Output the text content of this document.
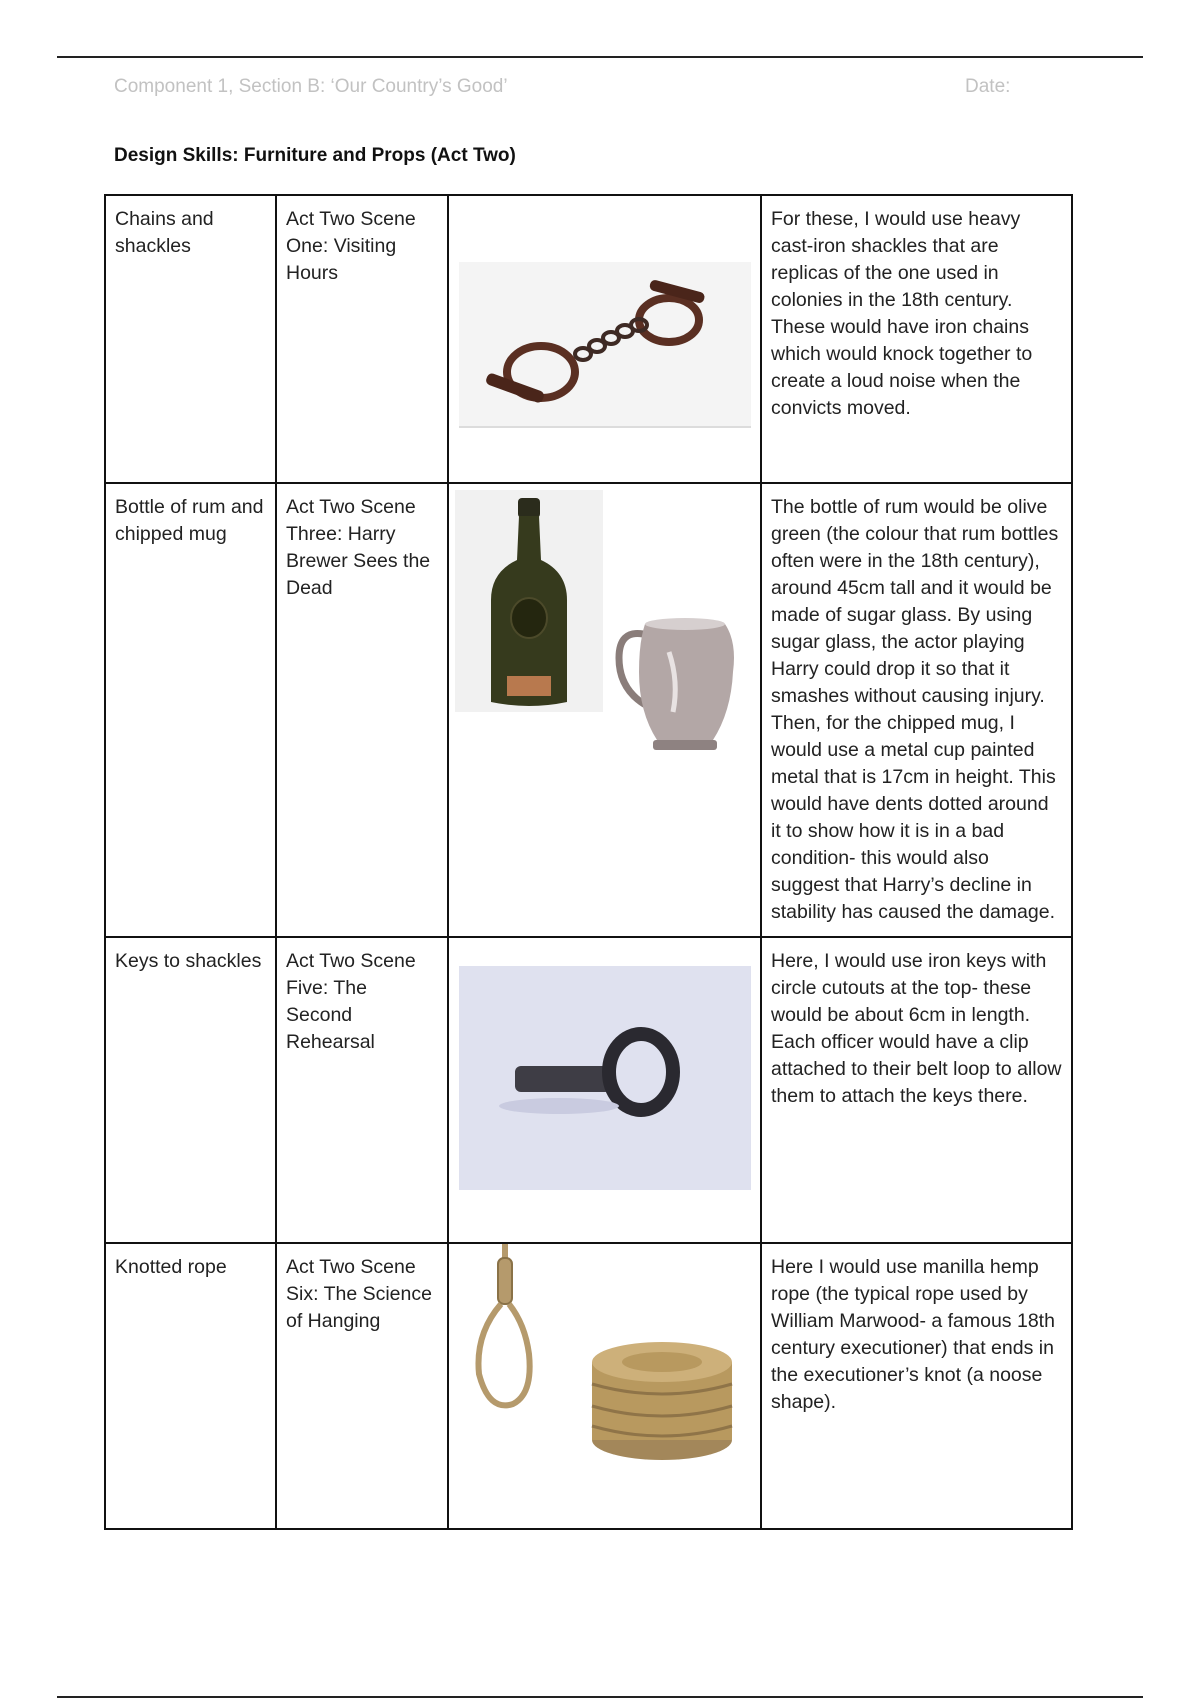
Component 1, Section B: ‘Our Country’s Good’	Date:
Design Skills: Furniture and Props (Act Two)
Chains and shackles	Act Two Scene One: Visiting Hours		For these, I would use heavy cast-iron shackles that are replicas of the one used in colonies in the 18th century. These would have iron chains which would knock together to create a loud noise when the convicts moved.
Bottle of rum and chipped mug	Act Two Scene Three: Harry Brewer Sees the Dead		The bottle of rum would be olive green (the colour that rum bottles often were in the 18th century), around 45cm tall and it would be made of sugar glass. By using sugar glass, the actor playing Harry could drop it so that it smashes without causing injury. Then, for the chipped mug, I would use a metal cup painted metal that is 17cm in height. This would have dents dotted around it to show how it is in a bad condition- this would also suggest that Harry’s decline in stability has caused the damage.
Keys to shackles	Act Two Scene Five: The Second Rehearsal		Here, I would use iron keys with circle cutouts at the top- these would be about 6cm in length. Each officer would have a clip attached to their belt loop to allow them to attach the keys there.
Knotted rope	Act Two Scene Six: The Science of Hanging		Here I would use manilla hemp rope (the typical rope used by William Marwood- a famous 18th century executioner) that ends in the executioner’s knot (a noose shape).
